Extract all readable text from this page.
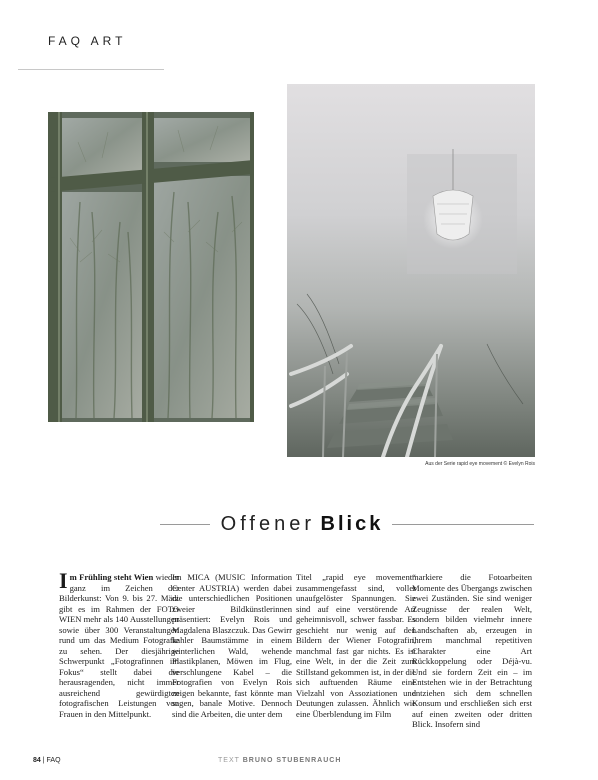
FAQ ART
Aus der Serie rapid eye movement © Evelyn Rois
Offener Blick
Im Frühling steht Wien wieder ganz im Zeichen der Bilderkunst: Von 9. bis 27. März gibt es im Rahmen der FOTO WIEN mehr als 140 Ausstellungen sowie über 300 Veranstaltungen rund um das Medium Fotografie zu sehen. Der diesjährige Schwerpunkt „Fotografinnen im Fokus“ stellt dabei die herausragenden, nicht immer ausreichend gewürdigten fotografischen Leistungen von Frauen in den Mittelpunkt.
Im MICA (MUSIC Information Center AUSTRIA) werden dabei die unterschiedlichen Positionen zweier Bildkünstlerinnen präsentiert: Evelyn Rois und Magdalena Blaszczuk. Das Gewirr kahler Baumstämme in einem winterlichen Wald, wehende Plastikplanen, Möwen im Flug, verschlungene Kabel – die Fotografien von Evelyn Rois zeigen bekannte, fast könnte man sagen, banale Motive. Dennoch sind die Arbeiten, die unter dem
Titel „rapid eye movement“ zusammengefasst sind, voller unaufgelöster Spannungen. Sie sind auf eine verstörende Art geheimnisvoll, schwer fassbar. Es geschieht nur wenig auf den Bildern der Wiener Fotografin, manchmal fast gar nichts. Es ist eine Welt, in der die Zeit zum Stillstand gekommen ist, in der die sich auftuenden Räume eine Vielzahl von Assoziationen und Deutungen zulassen. Ähnlich wie eine Überblendung im Film
markiere die Fotoarbeiten Momente des Übergangs zwischen zwei Zuständen. Sie sind weniger Zeugnisse der realen Welt, sondern bilden vielmehr innere Landschaften ab, erzeugen in ihrem manchmal repetitiven Charakter eine Art Rückkoppelung oder Déjà-vu. Und sie fordern Zeit ein – im Entstehen wie in der Betrachtung entziehen sich dem schnellen Konsum und erschließen sich erst auf einen zweiten oder dritten Blick. Insofern sind
84 | FAQ	TEXT BRUNO STUBENRAUCH
